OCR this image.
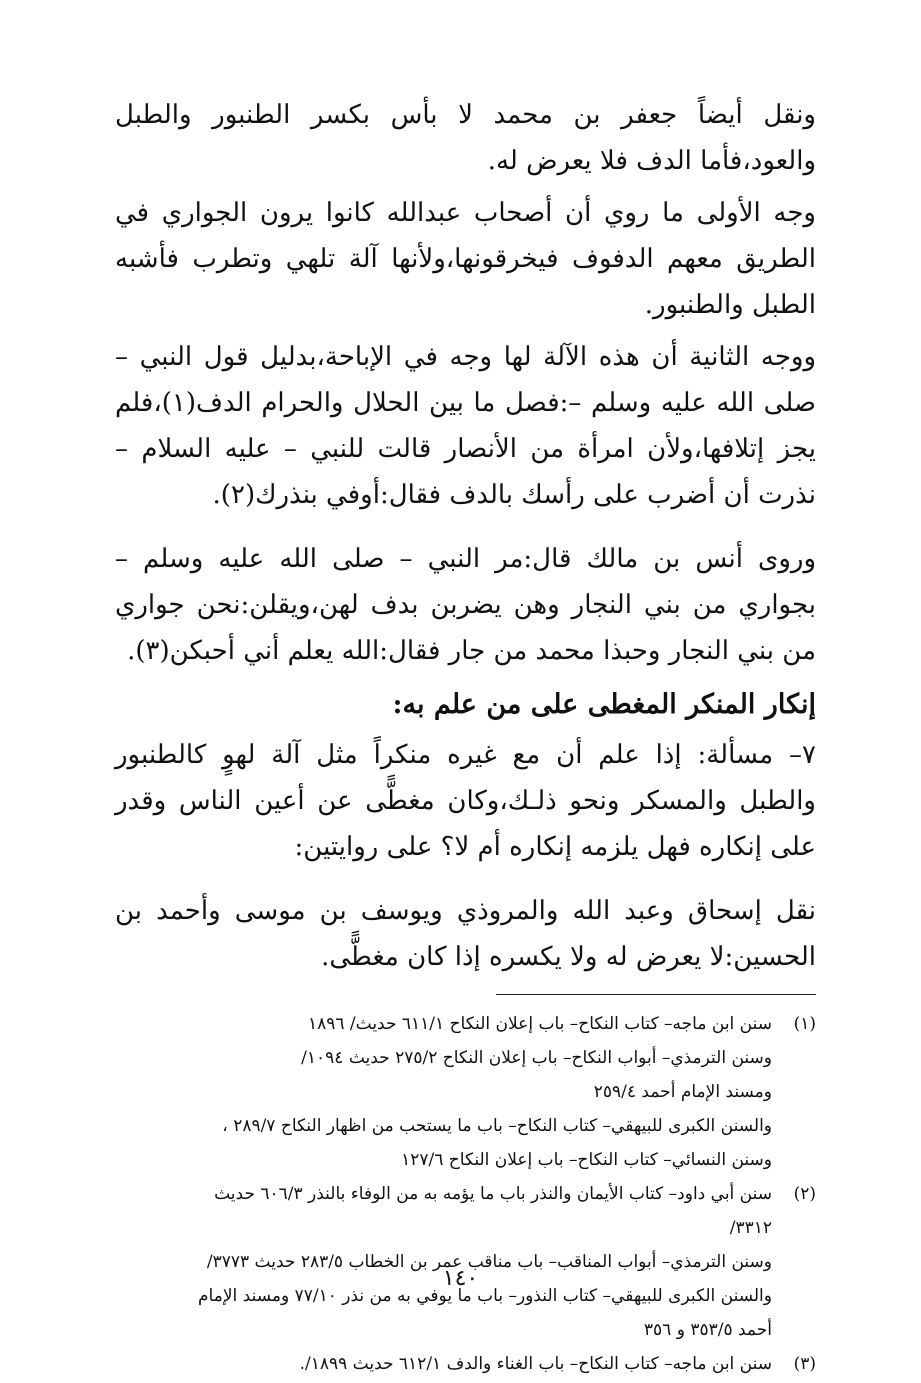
ونقل أيضاً جعفر بن محمد لا بأس بكسر الطنبور والطبل والعود،فأما الدف فلا يعرض له.

وجه الأولى ما روي أن أصحاب عبدالله كانوا يرون الجواري في الطريق معهم الدفوف فيخرقونها،ولأنها آلة تلهي وتطرب فأشبه الطبل والطنبور.

ووجه الثانية أن هذه الآلة لها وجه في الإباحة،بدليل قول النبي – صلى الله عليه وسلم –:فصل ما بين الحلال والحرام الدف(١)،فلم يجز إتلافها،ولأن امرأة من الأنصار قالت للنبي – عليه السلام – نذرت أن أضرب على رأسك بالدف فقال:أوفي بنذرك(٢).

وروى أنس بن مالك قال:مر النبي – صلى الله عليه وسلم – بجواري من بني النجار وهن يضربن بدف لهن،ويقلن:نحن جواري من بني النجار وحبذا محمد من جار فقال:الله يعلم أني أحبكن(٣).

إنكار المنكر المغطى على من علم به:

٧– مسألة: إذا علم أن مع غيره منكراً مثل آلة لهوٍ كالطنبور والطبل والمسكر ونحو ذلـك،وكان مغطًّى عن أعين الناس وقدر على إنكاره فهل يلزمه إنكاره أم لا؟ على روايتين:

نقل إسحاق وعبد الله والمروذي ويوسف بن موسى وأحمد بن الحسين:لا يعرض له ولا يكسره إذا كان مغطًّى.

(١)
سنن ابن ماجه– كتاب النكاح– باب إعلان النكاح ٦١١/١ حديث/ ١٨٩٦
وسنن الترمذي– أبواب النكاح– باب إعلان النكاح ٢٧٥/٢ حديث ١٠٩٤/
ومسند الإمام أحمد ٢٥٩/٤
والسنن الكبرى للبيهقي– كتاب النكاح– باب ما يستحب من اظهار النكاح ٢٨٩/٧ ،
وسنن النسائي– كتاب النكاح– باب إعلان النكاح ١٢٧/٦
(٢)
سنن أبي داود– كتاب الأيمان والنذر باب ما يؤمه به من الوفاء بالنذر ٦٠٦/٣ حديث
٣٣١٢/
وسنن الترمذي– أبواب المناقب– باب مناقب عمر بن الخطاب ٢٨٣/٥ حديث ٣٧٧٣/
والسنن الكبرى للبيهقي– كتاب النذور– باب ما يوفي به من نذر ٧٧/١٠ ومسند الإمام
أحمد ٣٥٣/٥ و ٣٥٦
(٣)
سنن ابن ماجه– كتاب النكاح– باب الغناء والدف ٦١٢/١ حديث ١٨٩٩/.
١٤٠
